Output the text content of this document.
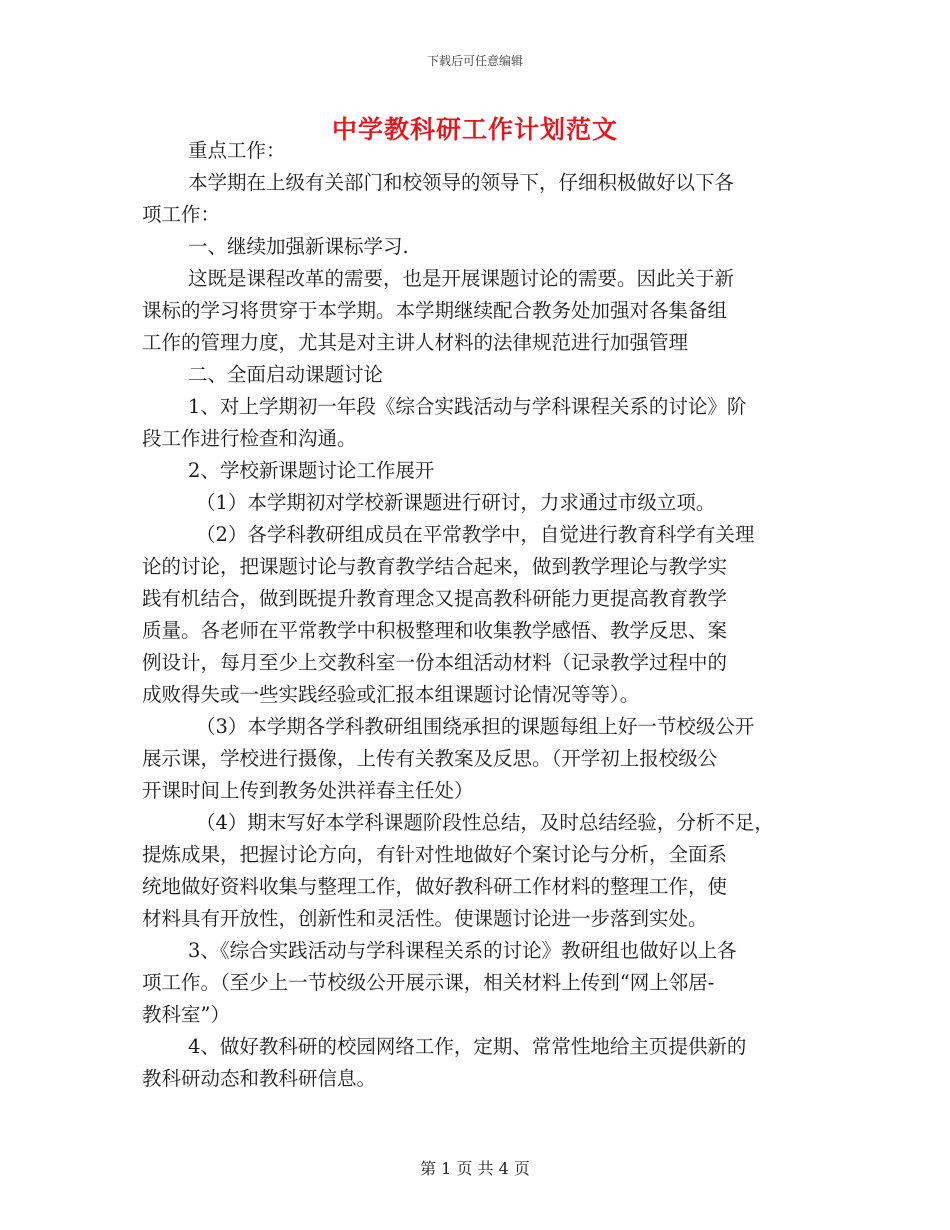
下载后可任意编辑
中学教科研工作计划范文
重点工作：
本学期在上级有关部门和校领导的领导下，仔细积极做好以下各
项工作：
一、继续加强新课标学习.
这既是课程改革的需要，也是开展课题讨论的需要。因此关于新
课标的学习将贯穿于本学期。本学期继续配合教务处加强对各集备组
工作的管理力度，尤其是对主讲人材料的法律规范进行加强管理
二、全面启动课题讨论
1、对上学期初一年段《综合实践活动与学科课程关系的讨论》阶
段工作进行检查和沟通。
2、学校新课题讨论工作展开
（1）本学期初对学校新课题进行研讨，力求通过市级立项。
（2）各学科教研组成员在平常教学中，自觉进行教育科学有关理
论的讨论，把课题讨论与教育教学结合起来，做到教学理论与教学实
践有机结合，做到既提升教育理念又提高教科研能力更提高教育教学
质量。各老师在平常教学中积极整理和收集教学感悟、教学反思、案
例设计，每月至少上交教科室一份本组活动材料（记录教学过程中的
成败得失或一些实践经验或汇报本组课题讨论情况等等）。
（3）本学期各学科教研组围绕承担的课题每组上好一节校级公开
展示课，学校进行摄像，上传有关教案及反思。（开学初上报校级公
开课时间上传到教务处洪祥春主任处）
（4）期末写好本学科课题阶段性总结，及时总结经验，分析不足，
提炼成果，把握讨论方向，有针对性地做好个案讨论与分析，全面系
统地做好资料收集与整理工作，做好教科研工作材料的整理工作，使
材料具有开放性，创新性和灵活性。使课题讨论进一步落到实处。
3、《综合实践活动与学科课程关系的讨论》教研组也做好以上各
项工作。（至少上一节校级公开展示课，相关材料上传到“网上邻居-
教科室”）
4、做好教科研的校园网络工作，定期、常常性地给主页提供新的
教科研动态和教科研信息。
第 1 页 共 4 页
